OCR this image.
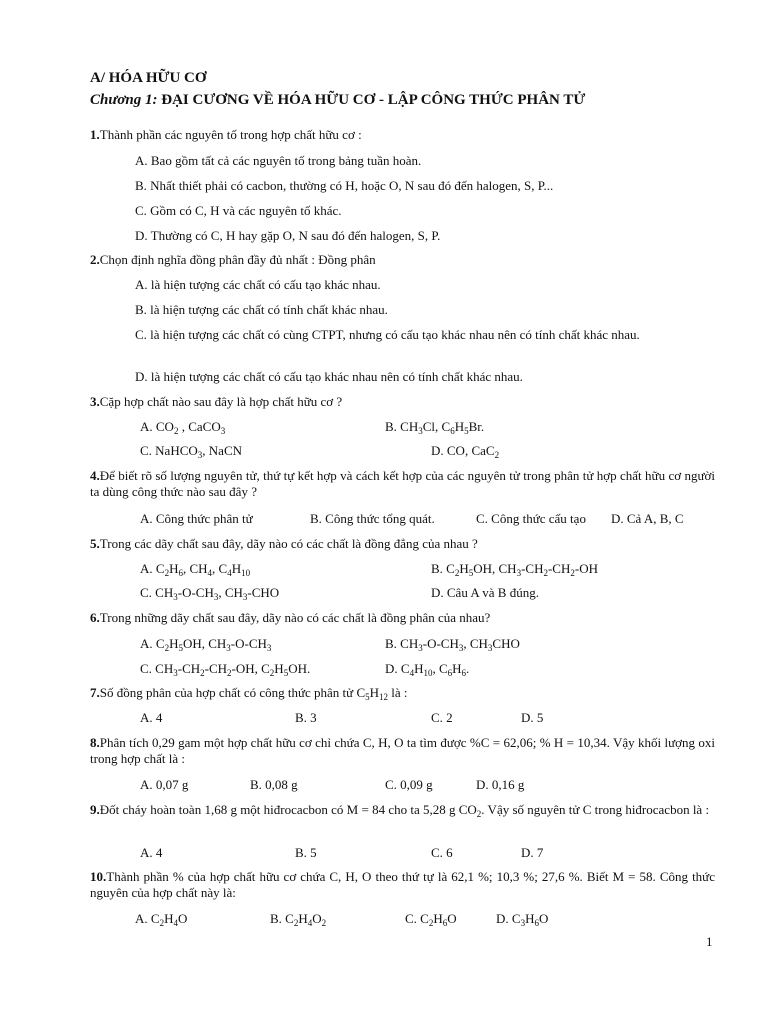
A/ HÓA HỮU CƠ
Chương 1: ĐẠI CƯƠNG VỀ HÓA HỮU CƠ - LẬP CÔNG THỨC PHÂN TỬ
1.Thành phần các nguyên tố trong hợp chất hữu cơ :
A. Bao gồm tất cả các nguyên tố trong bảng tuần hoàn.
B. Nhất thiết phải có cacbon, thường có H, hoặc O, N sau đó đến halogen, S, P...
C. Gồm có C, H và các nguyên tố khác.
D. Thường có C, H hay gặp O, N sau đó đến halogen, S, P.
2.Chọn định nghĩa đồng phân đầy đủ nhất : Đồng phân
A. là hiện tượng các chất có cấu tạo khác nhau.
B. là hiện tượng các chất có tính chất khác nhau.
C. là hiện tượng các chất có cùng CTPT, nhưng có cấu tạo khác nhau nên có tính chất khác nhau.
D. là hiện tượng các chất có cấu tạo khác nhau nên có tính chất khác nhau.
3.Cặp hợp chất nào sau đây là hợp chất hữu cơ ?
A. $CO_2$ , CaCO$_3$	B. $CH_3Cl$, $C_6H_5Br$.
C. NaHCO$_3$, NaCN	D. CO, CaC$_2$
4.Để biết rõ số lượng nguyên tử, thứ tự kết hợp và cách kết hợp của các nguyên tử trong phân tử hợp chất hữu cơ người ta dùng công thức nào sau đây ?
A. Công thức phân tử	B. Công thức tổng quát.	C. Công thức cấu tạo D. Cả A, B, C
5.Trong các dãy chất sau đây, dãy nào có các chất là đồng đẳng của nhau ?
A. $C_2H_6$, $CH_4$, $C_4H_{10}$	B. $C_2H_5OH$, $CH_3-CH_2-CH_2-OH$
C. $CH_3-O-CH_3$, $CH_3$-CHO	D. Câu A và B đúng.
6.Trong những dãy chất sau đây, dãy nào có các chất là đồng phân của nhau?
A. $C_2H_5OH$, $CH_3-O-CH_3$	B. $CH_3-O-CH_3$, $CH_3CHO$
C. $CH_3-CH_2-CH_2-OH$, $C_2H_5OH$.	D. $C_4H_{10}$, $C_6H_6$.
7.Số đồng phân của hợp chất có công thức phân tử $C_5H_{12}$ là :
A. 4	B. 3	C. 2	D. 5
8.Phân tích 0,29 gam một hợp chất hữu cơ chỉ chứa C, H, O ta tìm được %C = 62,06; % H = 10,34. Vậy khối lượng oxi trong hợp chất là :
A. 0,07 g	B. 0,08 g	C. 0,09 g	D. 0,16 g
9.Đốt cháy hoàn toàn 1,68 g một hiđrocacbon có M = 84 cho ta 5,28 g $CO_2$. Vậy số nguyên tử C trong hiđrocacbon là :
A. 4	B. 5	C. 6	D. 7
10.Thành phần % của hợp chất hữu cơ chứa C, H, O theo thứ tự là 62,1 %; 10,3 %; 27,6 %. Biết M = 58. Công thức nguyên của hợp chất này là:
A. $C_2H_4O$	B. $C_2H_4O_2$	C. $C_2H_6O$	D. $C_3H_6O$
1
